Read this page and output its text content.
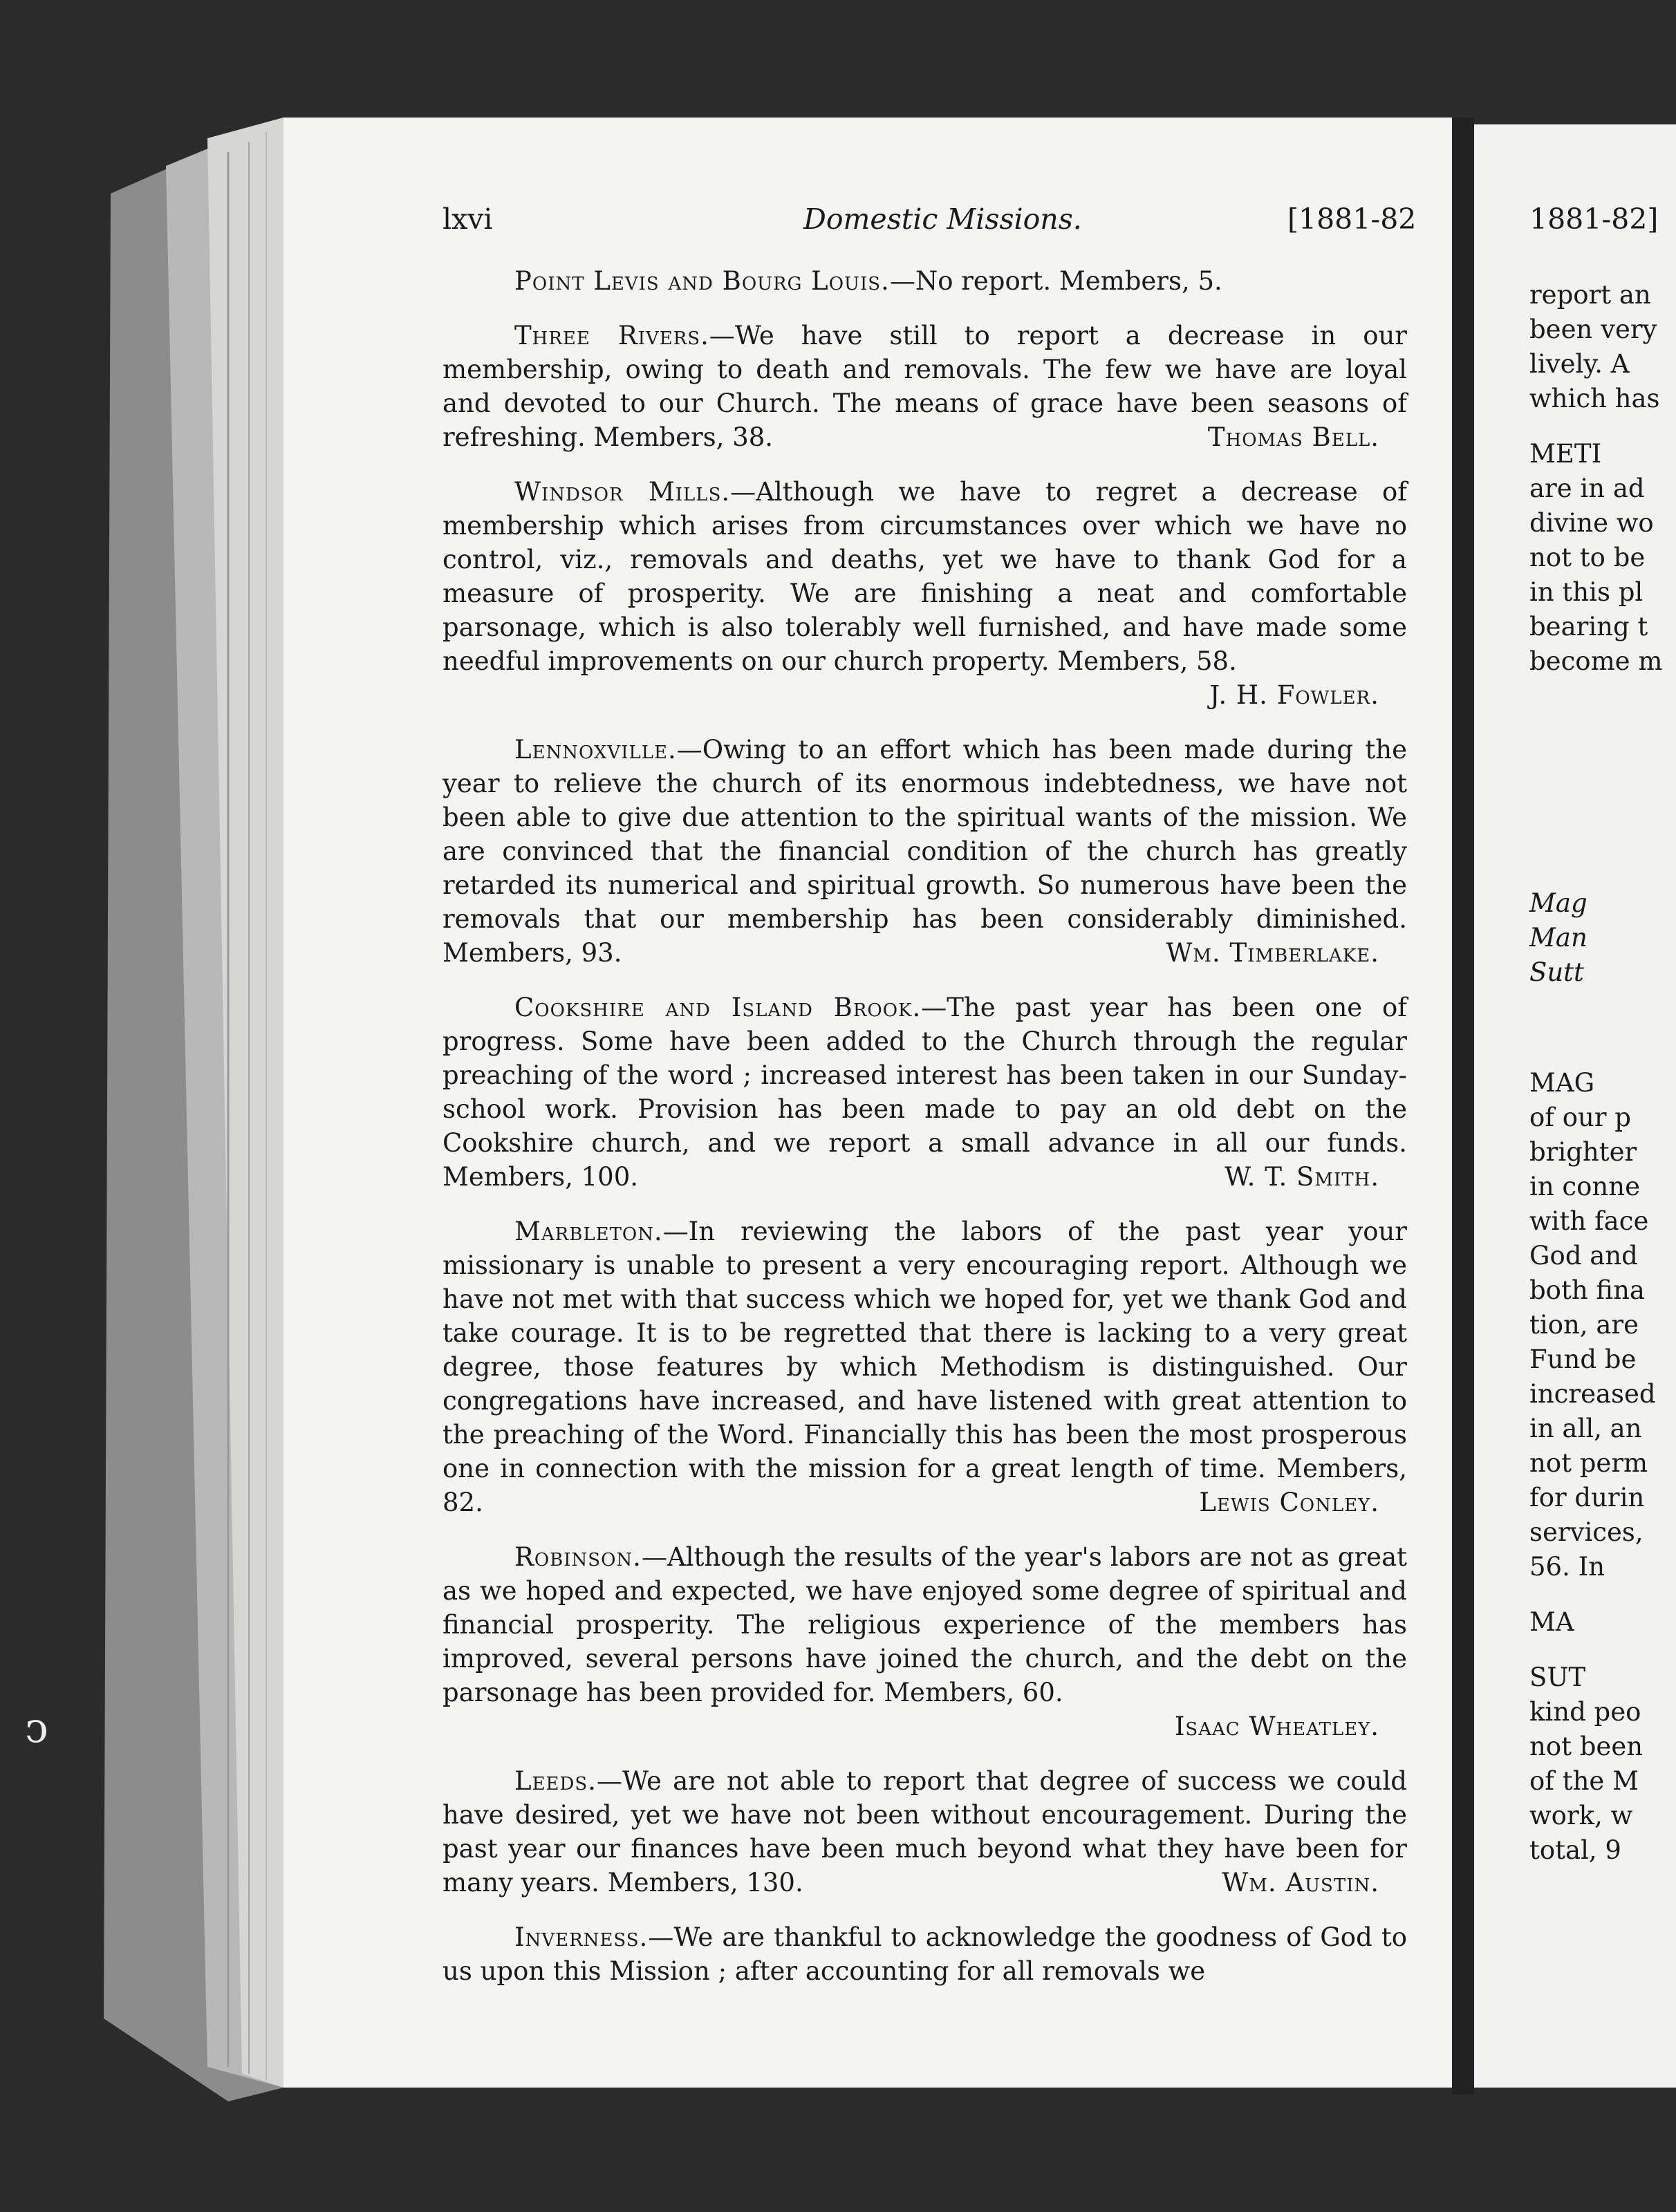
lxvi	Domestic Missions.	[1881-82

Point Levis and Bourg Louis.—No report. Members, 5.

Three Rivers.—We have still to report a decrease in our membership, owing to death and removals. The few we have are loyal and devoted to our Church. The means of grace have been seasons of refreshing. Members, 38.	Thomas Bell.

Windsor Mills.—Although we have to regret a decrease of membership which arises from circumstances over which we have no control, viz., removals and deaths, yet we have to thank God for a measure of prosperity. We are finishing a neat and comfortable parsonage, which is also tolerably well furnished, and have made some needful improvements on our church property. Members, 58.
J. H. Fowler.

Lennoxville.—Owing to an effort which has been made during the year to relieve the church of its enormous indebtedness, we have not been able to give due attention to the spiritual wants of the mission. We are convinced that the financial condition of the church has greatly retarded its numerical and spiritual growth. So numerous have been the removals that our membership has been considerably diminished. Members, 93.	Wm. Timberlake.

Cookshire and Island Brook.—The past year has been one of progress. Some have been added to the Church through the regular preaching of the word ; increased interest has been taken in our Sunday-school work. Provision has been made to pay an old debt on the Cookshire church, and we report a small advance in all our funds. Members, 100.	W. T. Smith.

Marbleton.—In reviewing the labors of the past year your missionary is unable to present a very encouraging report. Although we have not met with that success which we hoped for, yet we thank God and take courage. It is to be regretted that there is lacking to a very great degree, those features by which Methodism is distinguished. Our congregations have increased, and have listened with great attention to the preaching of the Word. Financially this has been the most prosperous one in connection with the mission for a great length of time. Members, 82.	Lewis Conley.

Robinson.—Although the results of the year's labors are not as great as we hoped and expected, we have enjoyed some degree of spiritual and financial prosperity. The religious experience of the members has improved, several persons have joined the church, and the debt on the parsonage has been provided for. Members, 60.
Isaac Wheatley.

Leeds.—We are not able to report that degree of success we could have desired, yet we have not been without encouragement. During the past year our finances have been much beyond what they have been for many years. Members, 130.	Wm. Austin.

Inverness.—We are thankful to acknowledge the goodness of God to us upon this Mission ; after accounting for all removals we

1881-82]
report an
been very
lively. A
which has
METI
are in ad
divine wo
not to be
in this pl
bearing t
become m
Mag
Man
Sutt
MAG
of our p
brighter
in conne
with face
God and
both fina
tion, are
Fund be
increased
in all, an
not perm
for durin
services,
56. In
MA
SUT
kind peo
not been
of the M
work, w
total, 9
ↄ
